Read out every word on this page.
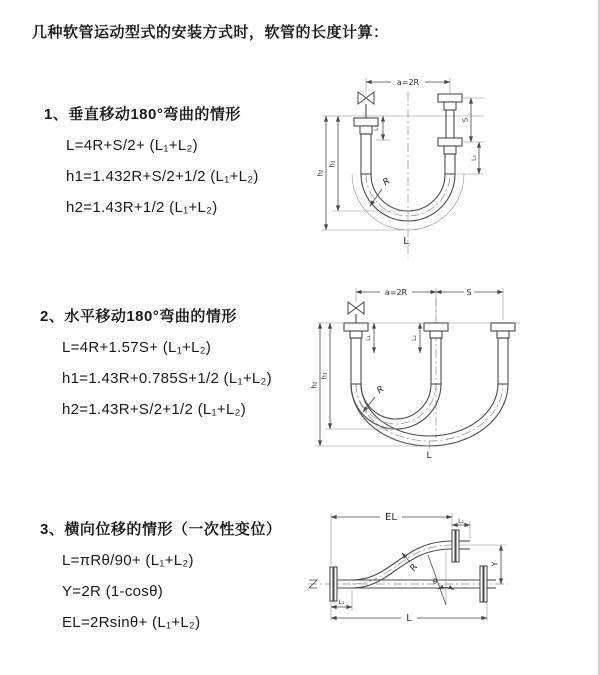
几种软管运动型式的安装方式时，软管的长度计算：
1、垂直移动180°弯曲的情形
L=4R+S/2+ (L₁+L₂)
h1=1.432R+S/2+1/2 (L₁+L₂)
h2=1.43R+1/2 (L₁+L₂)
a=2R
L₁
S
L₂
h₁
h₂
R
L
2、水平移动180°弯曲的情形
L=4R+1.57S+ (L₁+L₂)
h1=1.43R+0.785S+1/2 (L₁+L₂)
h2=1.43R+S/2+1/2 (L₁+L₂)
a=2R	S
L₁	L₂
h₁
h₂	R
L
3、横向位移的情形（一次性变位）
L=πRθ/90+ (L₁+L₂)
Y=2R (1-cosθ)
EL=2Rsinθ+ (L₁+L₂)
θ
EL	L₂
Y
R
L₁
L
